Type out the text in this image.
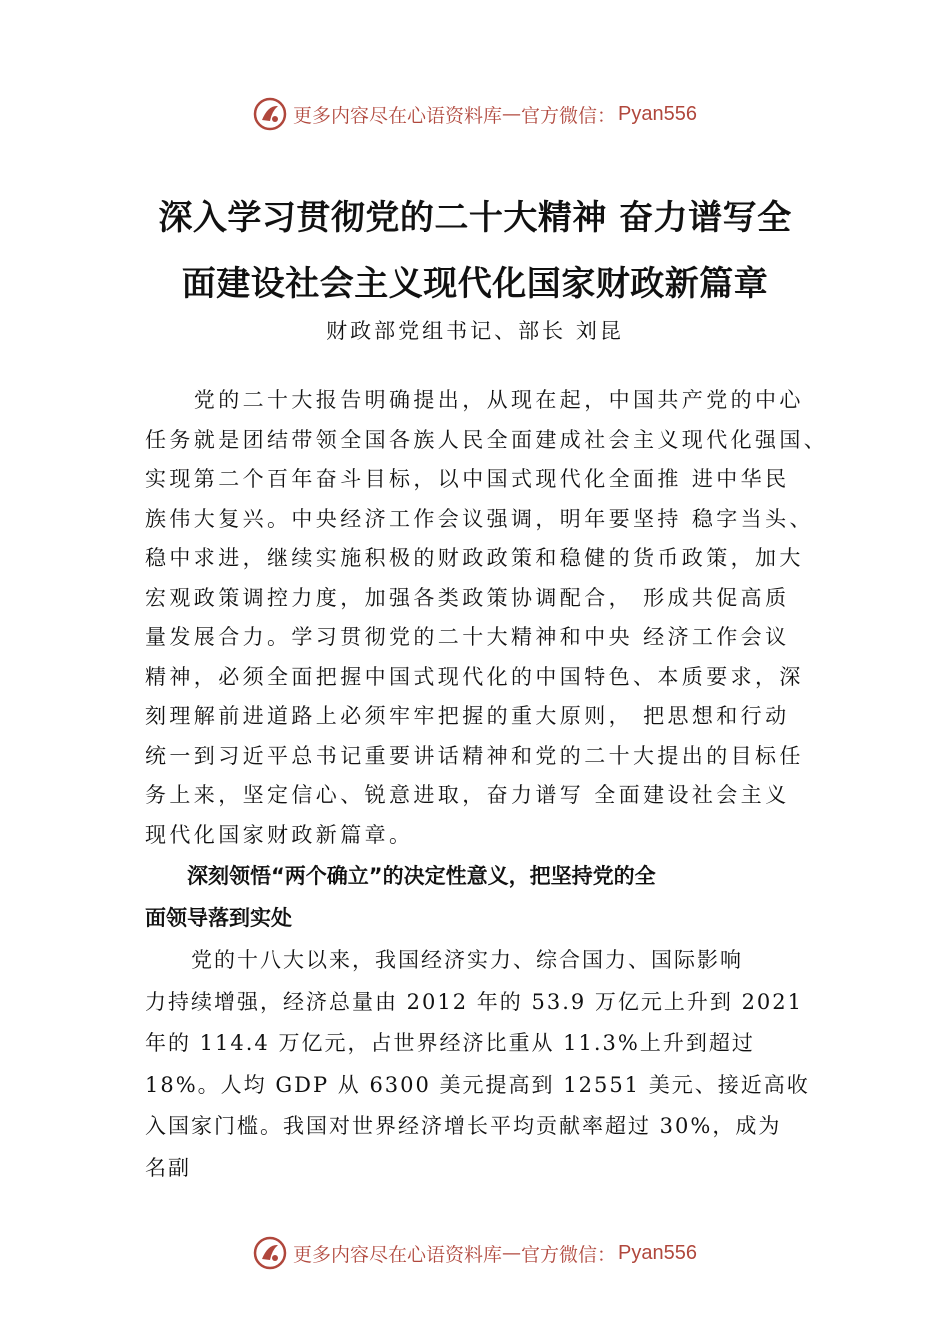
更多内容尽在心语资料库 — 官方微信： Pyan556
深入学习贯彻党的二十大精神 奋力谱写全
面建设社会主义现代化国家财政新篇章
财政部党组书记、部长 刘昆
　　党的二十大报告明确提出，从现在起，中国共产党的中心
任务就是团结带领全国各族人民全面建成社会主义现代化强国、
实现第二个百年奋斗目标，以中国式现代化全面推 进中华民
族伟大复兴。中央经济工作会议强调，明年要坚持 稳字当头、
稳中求进，继续实施积极的财政政策和稳健的货币政策，加大
宏观政策调控力度，加强各类政策协调配合， 形成共促高质
量发展合力。学习贯彻党的二十大精神和中央 经济工作会议
精神，必须全面把握中国式现代化的中国特色、本质要求，深
刻理解前进道路上必须牢牢把握的重大原则， 把思想和行动
统一到习近平总书记重要讲话精神和党的二十大提出的目标任
务上来，坚定信心、锐意进取，奋力谱写 全面建设社会主义
现代化国家财政新篇章。
　　深刻领悟“两个确立”的决定性意义，把坚持党的全
面领导落到实处
　　党的十八大以来，我国经济实力、综合国力、国际影响
力持续增强，经济总量由 2012 年的 53.9 万亿元上升到 2021
年的 114.4 万亿元，占世界经济比重从 11.3%上升到超过
18%。人均 GDP 从 6300 美元提高到 12551 美元、接近高收
入国家门槛。我国对世界经济增长平均贡献率超过 30%，成为
名副
更多内容尽在心语资料库 — 官方微信： Pyan556
